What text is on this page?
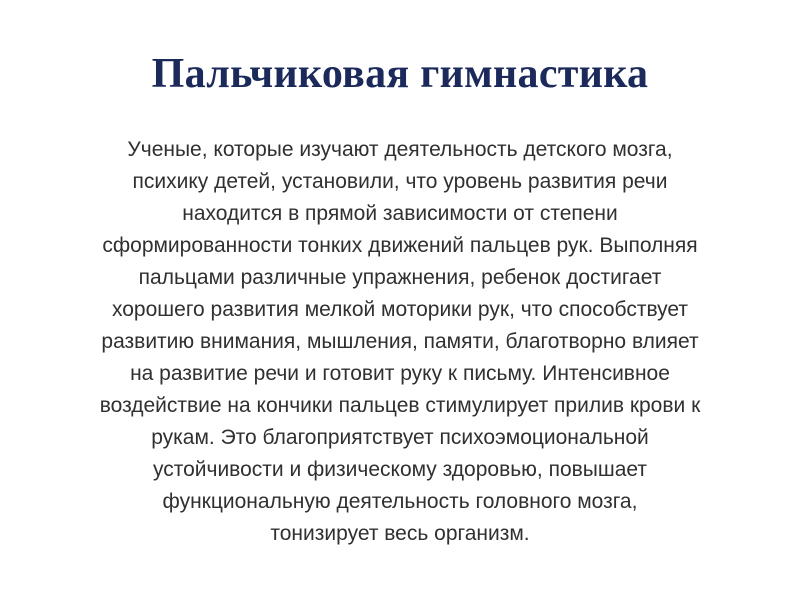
Пальчиковая гимнастика

Ученые, которые изучают деятельность детского мозга,
психику детей, установили, что уровень развития речи
находится в прямой зависимости от степени
сформированности тонких движений пальцев рук. Выполняя
пальцами различные упражнения, ребенок достигает
хорошего развития мелкой моторики рук, что способствует
развитию внимания, мышления, памяти, благотворно влияет
на развитие речи и готовит руку к письму. Интенсивное
воздействие на кончики пальцев стимулирует прилив крови к
рукам. Это благоприятствует психоэмоциональной
устойчивости и физическому здоровью, повышает
функциональную деятельность головного мозга,
тонизирует весь организм.
